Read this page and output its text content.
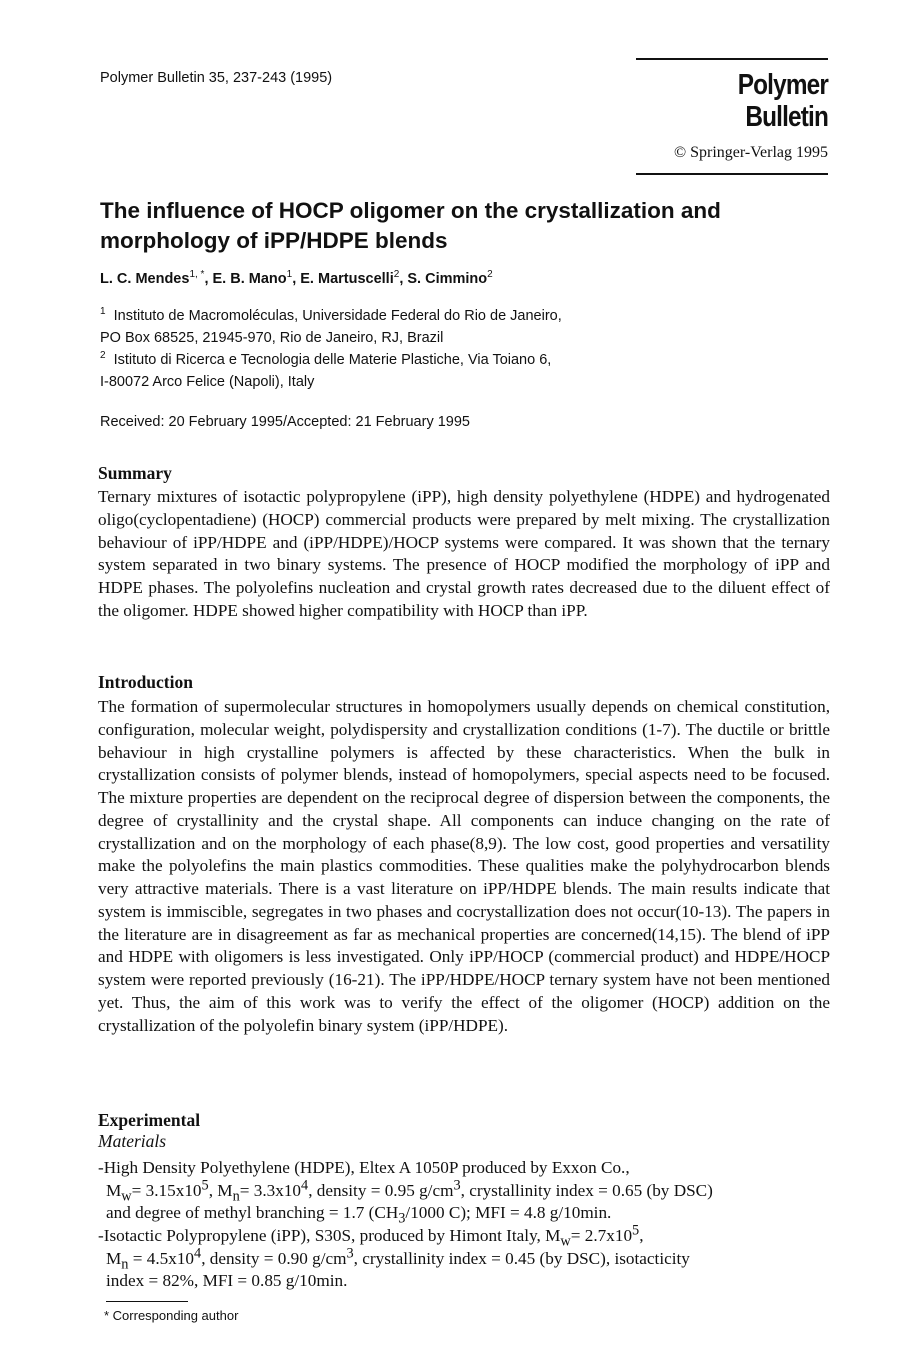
Polymer Bulletin 35, 237-243 (1995)	Polymer Bulletin
© Springer-Verlag 1995
The influence of HOCP oligomer on the crystallization and morphology of iPP/HDPE blends
L. C. Mendes$^{1, *}$, E. B. Mano$^1$, E. Martuscelli$^2$, S. Cimmino$^2$
$^1$ Instituto de Macromoléculas, Universidade Federal do Rio de Janeiro,
PO Box 68525, 21945-970, Rio de Janeiro, RJ, Brazil
$^2$ Istituto di Ricerca e Tecnologia delle Materie Plastiche, Via Toiano 6,
I-80072 Arco Felice (Napoli), Italy
Received: 20 February 1995/Accepted: 21 February 1995
Summary

Ternary mixtures of isotactic polypropylene (iPP), high density polyethylene (HDPE) and hydrogenated oligo(cyclopentadiene) (HOCP) commercial products were prepared by melt mixing. The crystallization behaviour of iPP/HDPE and (iPP/HDPE)/HOCP systems were compared. It was shown that the ternary system separated in two binary systems. The presence of HOCP modified the morphology of iPP and HDPE phases. The polyolefins nucleation and crystal growth rates decreased due to the diluent effect of the oligomer. HDPE showed higher compatibility with HOCP than iPP.

Introduction

The formation of supermolecular structures in homopolymers usually depends on chemical constitution, configuration, molecular weight, polydispersity and crystallization conditions (1-7). The ductile or brittle behaviour in high crystalline polymers is affected by these characteristics. When the bulk in crystallization consists of polymer blends, instead of homopolymers, special aspects need to be focused. The mixture properties are dependent on the reciprocal degree of dispersion between the components, the degree of crystallinity and the crystal shape. All components can induce changing on the rate of crystallization and on the morphology of each phase(8,9). The low cost, good properties and versatility make the polyolefins the main plastics commodities. These qualities make the polyhydrocarbon blends very attractive materials. There is a vast literature on iPP/HDPE blends. The main results indicate that system is immiscible, segregates in two phases and cocrystallization does not occur(10-13). The papers in the literature are in disagreement as far as mechanical properties are concerned(14,15). The blend of iPP and HDPE with oligomers is less investigated. Only iPP/HOCP (commercial product) and HDPE/HOCP system were reported previously (16-21). The iPP/HDPE/HOCP ternary system have not been mentioned yet. Thus, the aim of this work was to verify the effect of the oligomer (HOCP) addition on the crystallization of the polyolefin binary system (iPP/HDPE).

Experimental
Materials
-High Density Polyethylene (HDPE), Eltex A 1050P produced by Exxon Co.,
$M_w= 3.15x10^5$, $M_n= 3.3x10^4$, density = 0.95 $g/cm^3$, crystallinity index = 0.65 (by DSC)
and degree of methyl branching = 1.7 ($CH_3/1000$ C); MFI = 4.8 g/10min.
-Isotactic Polypropylene (iPP), S30S, produced by Himont Italy, $M_w= 2.7x10^5$,
$M_n = 4.5x10^4$, density = 0.90 $g/cm^3$, crystallinity index = 0.45 (by DSC), isotacticity
index = 82%, MFI = 0.85 g/10min.
* Corresponding author
